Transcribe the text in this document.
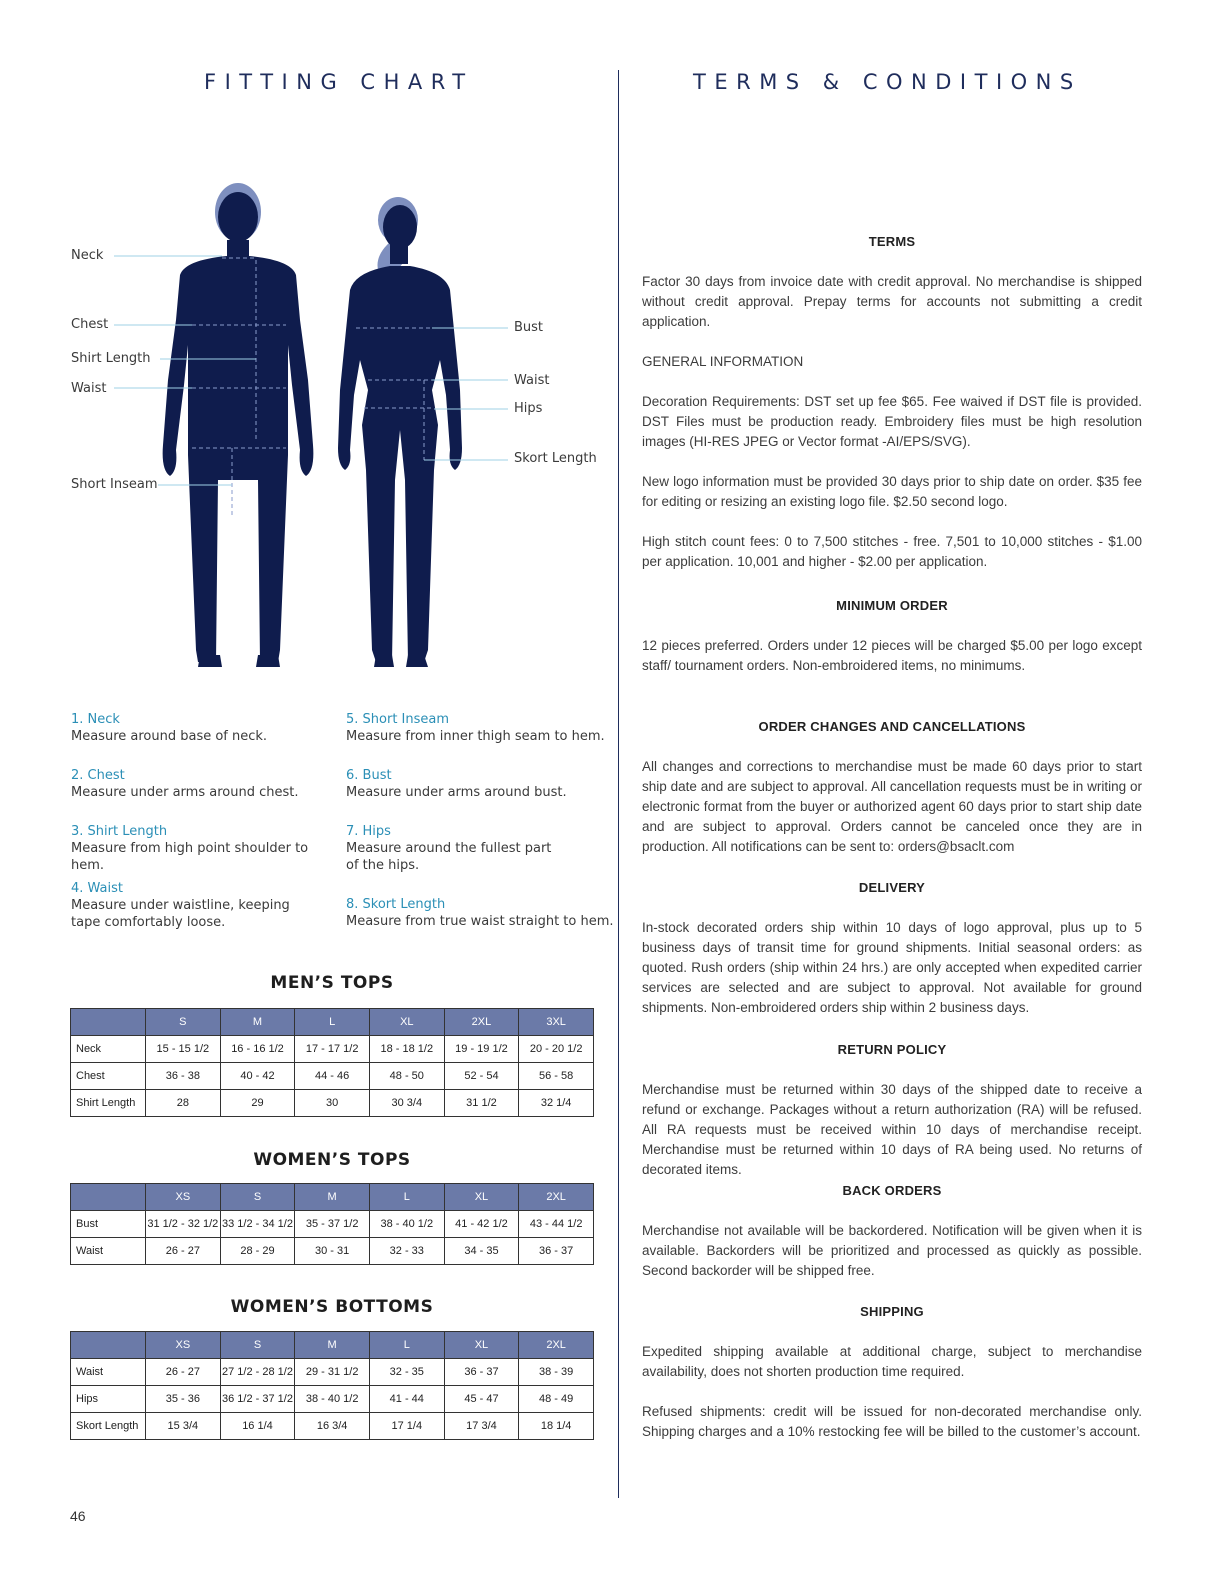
FITTING CHART	TERMS & CONDITIONS
Neck
Chest
Shirt Length
Waist
Short Inseam
Bust
Waist
Hips
Skort Length
1. Neck
Measure around base of neck.
2. Chest
Measure under arms around chest.
3. Shirt Length
Measure from high point shoulder to hem.
4. Waist
Measure under waistline, keeping tape comfortably loose.
5. Short Inseam
Measure from inner thigh seam to hem.
6. Bust
Measure under arms around bust.
7. Hips
Measure around the fullest part of the hips.
8. Skort Length
Measure from true waist straight to hem.
MEN’S TOPS
	S	M	L	XL	2XL	3XL
Neck	15 - 15 1/2	16 - 16 1/2	17 - 17 1/2	18 - 18 1/2	19 - 19 1/2	20 - 20 1/2
Chest	36 - 38	40 - 42	44 - 46	48 - 50	52 - 54	56 - 58
Shirt Length	28	29	30	30 3/4	31 1/2	32 1/4
WOMEN’S TOPS
	XS	S	M	L	XL	2XL
Bust	31 1/2 - 32 1/2	33 1/2 - 34 1/2	35 - 37 1/2	38 - 40 1/2	41 - 42 1/2	43 - 44 1/2
Waist	26 - 27	28 - 29	30 - 31	32 - 33	34 - 35	36 - 37
WOMEN’S BOTTOMS
	XS	S	M	L	XL	2XL
Waist	26 - 27	27 1/2 - 28 1/2	29 - 31 1/2	32 - 35	36 - 37	38 - 39
Hips	35 - 36	36 1/2 - 37 1/2	38 - 40 1/2	41 - 44	45 - 47	48 - 49
Skort Length	15 3/4	16 1/4	16 3/4	17 1/4	17 3/4	18 1/4
TERMS

Factor 30 days from invoice date with credit approval. No merchandise is shipped without credit approval. Prepay terms for accounts not submitting a credit application.

GENERAL INFORMATION

Decoration Requirements: DST set up fee $65. Fee waived if DST file is provided. DST Files must be production ready. Embroidery files must be high resolution images (HI-RES JPEG or Vector format -AI/EPS/SVG).

New logo information must be provided 30 days prior to ship date on order. $35 fee for editing or resizing an existing logo file. $2.50 second logo.

High stitch count fees: 0 to 7,500 stitches - free. 7,501 to 10,000 stitches - $1.00 per application. 10,001 and higher - $2.00 per application.

MINIMUM ORDER

12 pieces preferred. Orders under 12 pieces will be charged $5.00 per logo except staff/ tournament orders. Non-embroidered items, no minimums.

ORDER CHANGES AND CANCELLATIONS

All changes and corrections to merchandise must be made 60 days prior to start ship date and are subject to approval. All cancellation requests must be in writing or electronic format from the buyer or authorized agent 60 days prior to start ship date and are subject to approval. Orders cannot be canceled once they are in production. All notifications can be sent to: orders@bsaclt.com

DELIVERY

In-stock decorated orders ship within 10 days of logo approval, plus up to 5 business days of transit time for ground shipments. Initial seasonal orders: as quoted. Rush orders (ship within 24 hrs.) are only accepted when expedited carrier services are selected and are subject to approval. Not available for ground shipments. Non-embroidered orders ship within 2 business days.

RETURN POLICY

Merchandise must be returned within 30 days of the shipped date to receive a refund or exchange. Packages without a return authorization (RA) will be refused. All RA requests must be received within 10 days of merchandise receipt. Merchandise must be returned within 10 days of RA being used. No returns of decorated items.

BACK ORDERS

Merchandise not available will be backordered. Notification will be given when it is available. Backorders will be prioritized and processed as quickly as possible. Second backorder will be shipped free.

SHIPPING

Expedited shipping available at additional charge, subject to merchandise availability, does not shorten production time required.

Refused shipments: credit will be issued for non-decorated merchandise only. Shipping charges and a 10% restocking fee will be billed to the customer’s account.

46
